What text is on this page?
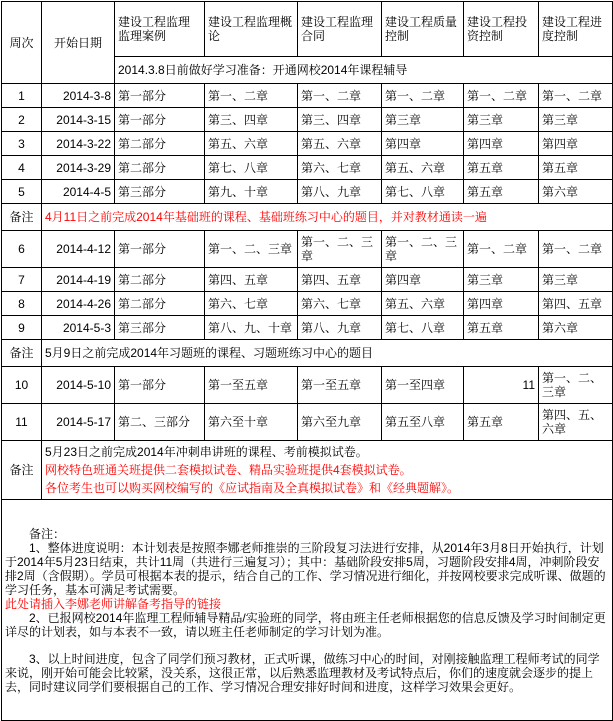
周次	开始日期	建设工程监理监理案例	建设工程监理概论	建设工程监理合同	建设工程质量控制	建设工程投资控制	建设工程进度控制
		2014.3.8日前做好学习准备：开通网校2014年课程辅导					
1	2014-3-8	第一部分	第一、二章	第一、二章	第一、二章	第一、二章	第一、二章
2	2014-3-15	第一部分	第三、四章	第三、四章	第三章	第三章	第三章
3	2014-3-22	第二部分	第五、六章	第五、六章	第四章	第四章	第四章
4	2014-3-29	第二部分	第七、八章	第六、七章	第五、六章	第五章	第五章
5	2014-4-5	第三部分	第九、十章	第八、九章	第七、八章	第五章	第六章
备注	4月11日之前完成2014年基础班的课程、基础班练习中心的题目，并对教材通读一遍						
6	2014-4-12	第一部分	第一、二、三章	第一、二、三章	第一、二、三章	第一、二章	第一、二章
7	2014-4-19	第二部分	第四、五章	第四、五章	第四章	第三章	第三章
8	2014-4-26	第二部分	第六、七章	第六、七章	第五、六章	第四章	第四、五章
9	2014-5-3	第三部分	第八、九、十章	第八、九章	第七、八章	第五章	第六章
备注	5月9日之前完成2014年习题班的课程、习题班练习中心的题目						
10	2014-5-10	第一部分	第一至五章	第一至五章	第一至四章	11	第一、二、三章
11	2014-5-17	第二、三部分	第六至十章	第六至九章	第五至八章	第五章	第四、五、六章
备注	5月23日之前完成2014年冲刺串讲班的课程、考前模拟试卷。
网校特色班通关班提供二套模拟试卷、精品实验班提供4套模拟试卷。
各位考生也可以购买网校编写的《应试指南及全真模拟试卷》和《经典题解》。						

备注：

1、整体进度说明：本计划表是按照李娜老师推崇的三阶段复习法进行安排，从2014年3月8日开始执行，计划于2014年5月23日结束，共计11周（共进行三遍复习）；其中：基础阶段安排5周，习题阶段安排4周，冲刺阶段安排2周（含假期）。学员可根据本表的提示，结合自己的工作、学习情况进行细化，并按网校要求完成听课、做题的学习任务，基本可满足考试需要。

此处请插入李娜老师讲解备考指导的链接

2、已报网校2014年监理工程师辅导精品/实验班的同学，将由班主任老师根据您的信息反馈及学习时间制定更详尽的计划表，如与本表不一致，请以班主任老师制定的学习计划为准。

3、以上时间进度，包含了同学们预习教材，正式听课，做练习中心的时间，对刚接触监理工程师考试的同学来说，刚开始可能会比较紧，没关系，这很正常，以后熟悉监理教材及考试特点后，你们的速度就会逐步的提上去，同时建议同学们要根据自己的工作、学习情况合理安排好时间和进度，这样学习效果会更好。							
